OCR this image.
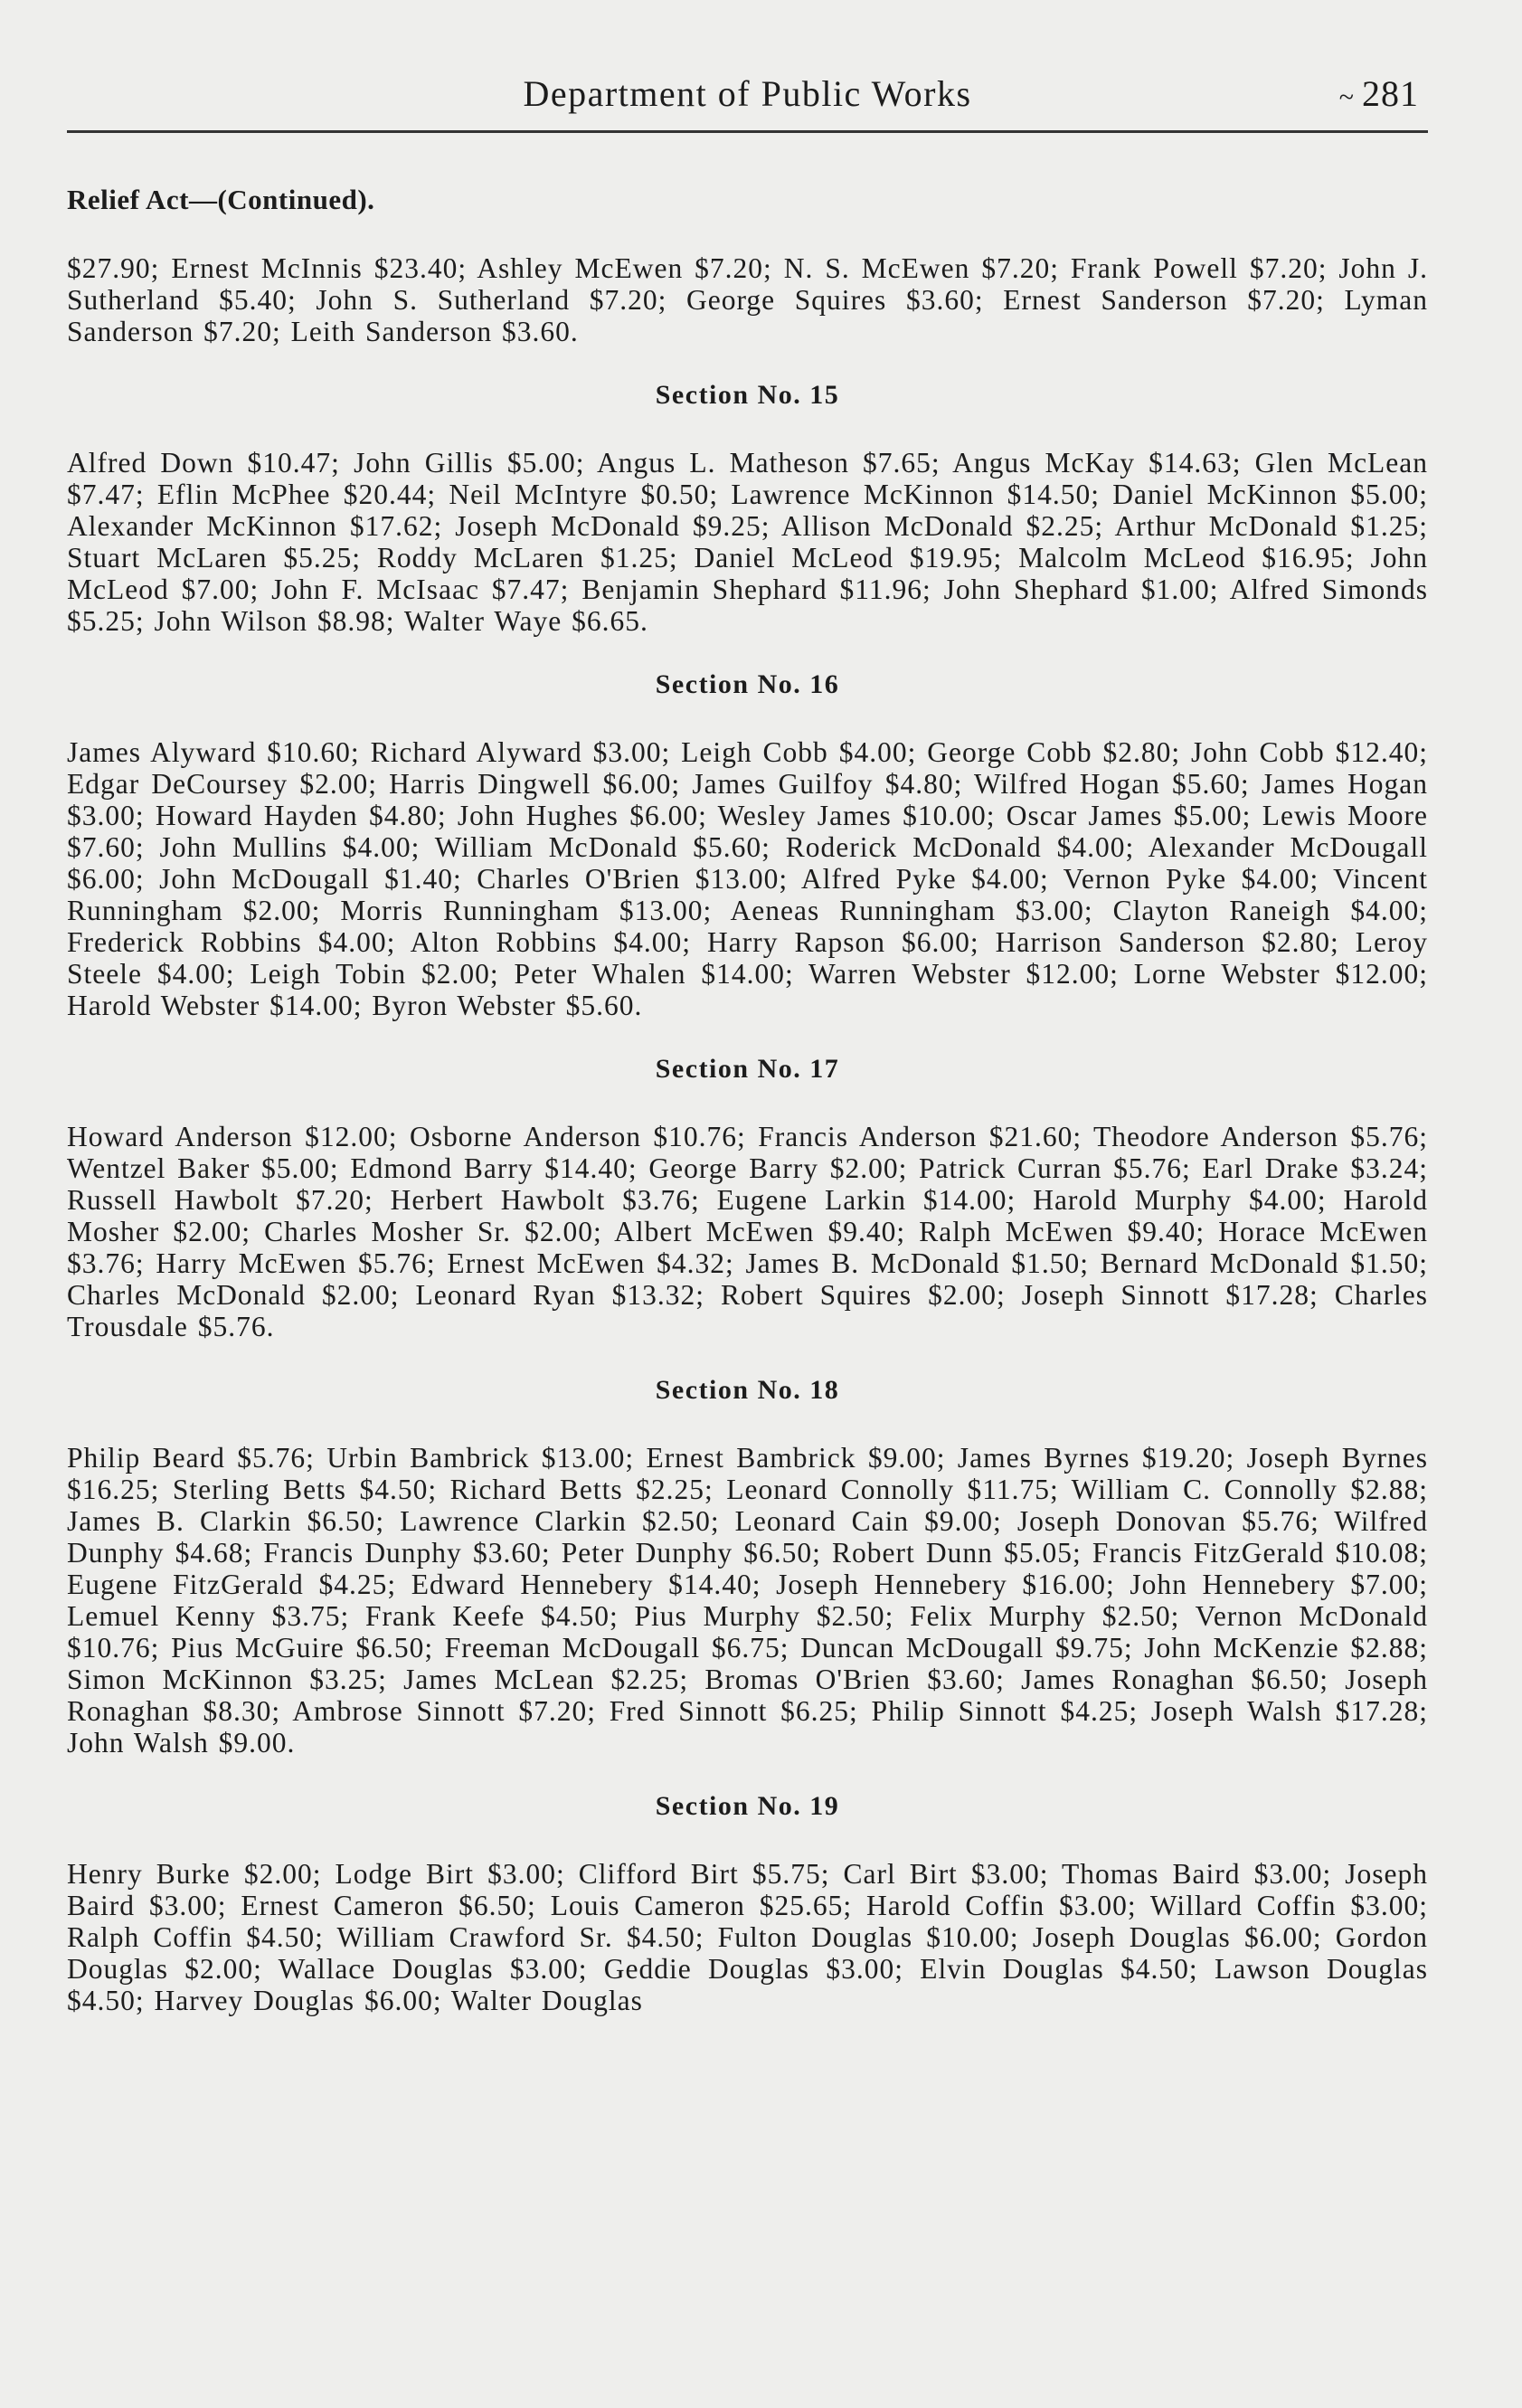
Department of Public Works	~ 281
Relief Act—(Continued).

$27.90; Ernest McInnis $23.40; Ashley McEwen $7.20; N. S. McEwen $7.20; Frank Powell $7.20; John J. Sutherland $5.40; John S. Sutherland $7.20; George Squires $3.60; Ernest Sanderson $7.20; Lyman Sanderson $7.20; Leith Sanderson $3.60.

Section No. 15

Alfred Down $10.47; John Gillis $5.00; Angus L. Matheson $7.65; Angus McKay $14.63; Glen McLean $7.47; Eflin McPhee $20.44; Neil McIntyre $0.50; Lawrence McKinnon $14.50; Daniel McKinnon $5.00; Alexander McKinnon $17.62; Joseph McDonald $9.25; Allison McDonald $2.25; Arthur McDonald $1.25; Stuart McLaren $5.25; Roddy McLaren $1.25; Daniel McLeod $19.95; Malcolm McLeod $16.95; John McLeod $7.00; John F. McIsaac $7.47; Benjamin Shephard $11.96; John Shephard $1.00; Alfred Simonds $5.25; John Wilson $8.98; Walter Waye $6.65.

Section No. 16

James Alyward $10.60; Richard Alyward $3.00; Leigh Cobb $4.00; George Cobb $2.80; John Cobb $12.40; Edgar DeCoursey $2.00; Harris Dingwell $6.00; James Guilfoy $4.80; Wilfred Hogan $5.60; James Hogan $3.00; Howard Hayden $4.80; John Hughes $6.00; Wesley James $10.00; Oscar James $5.00; Lewis Moore $7.60; John Mullins $4.00; William McDonald $5.60; Roderick McDonald $4.00; Alexander McDougall $6.00; John McDougall $1.40; Charles O'Brien $13.00; Alfred Pyke $4.00; Vernon Pyke $4.00; Vincent Runningham $2.00; Morris Runningham $13.00; Aeneas Runningham $3.00; Clayton Raneigh $4.00; Frederick Robbins $4.00; Alton Robbins $4.00; Harry Rapson $6.00; Harrison Sanderson $2.80; Leroy Steele $4.00; Leigh Tobin $2.00; Peter Whalen $14.00; Warren Webster $12.00; Lorne Webster $12.00; Harold Webster $14.00; Byron Webster $5.60.

Section No. 17

Howard Anderson $12.00; Osborne Anderson $10.76; Francis Anderson $21.60; Theodore Anderson $5.76; Wentzel Baker $5.00; Edmond Barry $14.40; George Barry $2.00; Patrick Curran $5.76; Earl Drake $3.24; Russell Hawbolt $7.20; Herbert Hawbolt $3.76; Eugene Larkin $14.00; Harold Murphy $4.00; Harold Mosher $2.00; Charles Mosher Sr. $2.00; Albert McEwen $9.40; Ralph McEwen $9.40; Horace McEwen $3.76; Harry McEwen $5.76; Ernest McEwen $4.32; James B. McDonald $1.50; Bernard McDonald $1.50; Charles McDonald $2.00; Leonard Ryan $13.32; Robert Squires $2.00; Joseph Sinnott $17.28; Charles Trousdale $5.76.

Section No. 18

Philip Beard $5.76; Urbin Bambrick $13.00; Ernest Bambrick $9.00; James Byrnes $19.20; Joseph Byrnes $16.25; Sterling Betts $4.50; Richard Betts $2.25; Leonard Connolly $11.75; William C. Connolly $2.88; James B. Clarkin $6.50; Lawrence Clarkin $2.50; Leonard Cain $9.00; Joseph Donovan $5.76; Wilfred Dunphy $4.68; Francis Dunphy $3.60; Peter Dunphy $6.50; Robert Dunn $5.05; Francis FitzGerald $10.08; Eugene FitzGerald $4.25; Edward Hennebery $14.40; Joseph Hennebery $16.00; John Hennebery $7.00; Lemuel Kenny $3.75; Frank Keefe $4.50; Pius Murphy $2.50; Felix Murphy $2.50; Vernon McDonald $10.76; Pius McGuire $6.50; Freeman McDougall $6.75; Duncan McDougall $9.75; John McKenzie $2.88; Simon McKinnon $3.25; James McLean $2.25; Bromas O'Brien $3.60; James Ronaghan $6.50; Joseph Ronaghan $8.30; Ambrose Sinnott $7.20; Fred Sinnott $6.25; Philip Sinnott $4.25; Joseph Walsh $17.28; John Walsh $9.00.

Section No. 19

Henry Burke $2.00; Lodge Birt $3.00; Clifford Birt $5.75; Carl Birt $3.00; Thomas Baird $3.00; Joseph Baird $3.00; Ernest Cameron $6.50; Louis Cameron $25.65; Harold Coffin $3.00; Willard Coffin $3.00; Ralph Coffin $4.50; William Crawford Sr. $4.50; Fulton Douglas $10.00; Joseph Douglas $6.00; Gordon Douglas $2.00; Wallace Douglas $3.00; Geddie Douglas $3.00; Elvin Douglas $4.50; Lawson Douglas $4.50; Harvey Douglas $6.00; Walter Douglas
